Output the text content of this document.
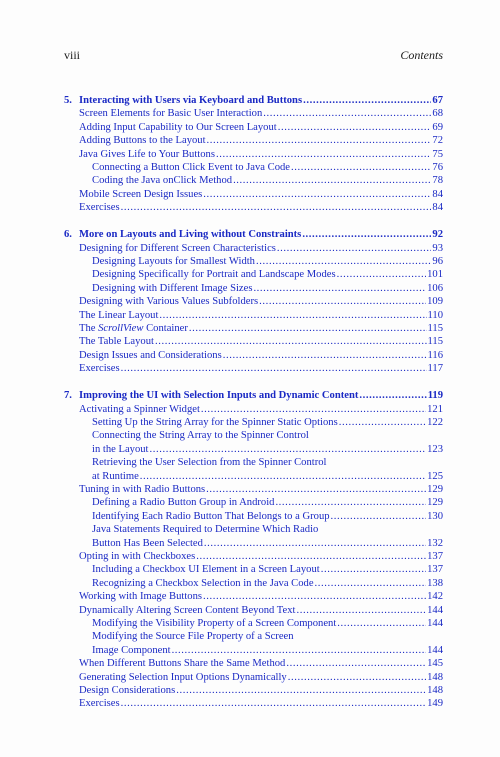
viii	Contents
5. Interacting with Users via Keyboard and Buttons .....	67
Screen Elements for Basic User Interaction .....	68
Adding Input Capability to Our Screen Layout .....	69
Adding Buttons to the Layout .....	72
Java Gives Life to Your Buttons .....	75
Connecting a Button Click Event to Java Code .....	76
Coding the Java onClick Method .....	78
Mobile Screen Design Issues .....	84
Exercises .....	84
6. More on Layouts and Living without Constraints .....	92
Designing for Different Screen Characteristics .....	93
Designing Layouts for Smallest Width .....	96
Designing Specifically for Portrait and Landscape Modes .....	101
Designing with Different Image Sizes .....	106
Designing with Various Values Subfolders .....	109
The Linear Layout .....	110
The ScrollView Container .....	115
The Table Layout .....	115
Design Issues and Considerations .....	116
Exercises .....	117
7. Improving the UI with Selection Inputs and Dynamic Content .....	119
Activating a Spinner Widget .....	121
Setting Up the String Array for the Spinner Static Options .....	122
Connecting the String Array to the Spinner Control
in the Layout .....	123
Retrieving the User Selection from the Spinner Control
at Runtime .....	125
Tuning in with Radio Buttons .....	129
Defining a Radio Button Group in Android .....	129
Identifying Each Radio Button That Belongs to a Group .....	130
Java Statements Required to Determine Which Radio
Button Has Been Selected .....	132
Opting in with Checkboxes .....	137
Including a Checkbox UI Element in a Screen Layout .....	137
Recognizing a Checkbox Selection in the Java Code .....	138
Working with Image Buttons .....	142
Dynamically Altering Screen Content Beyond Text .....	144
Modifying the Visibility Property of a Screen Component .....	144
Modifying the Source File Property of a Screen
Image Component .....	144
When Different Buttons Share the Same Method .....	145
Generating Selection Input Options Dynamically .....	148
Design Considerations .....	148
Exercises .....	149
